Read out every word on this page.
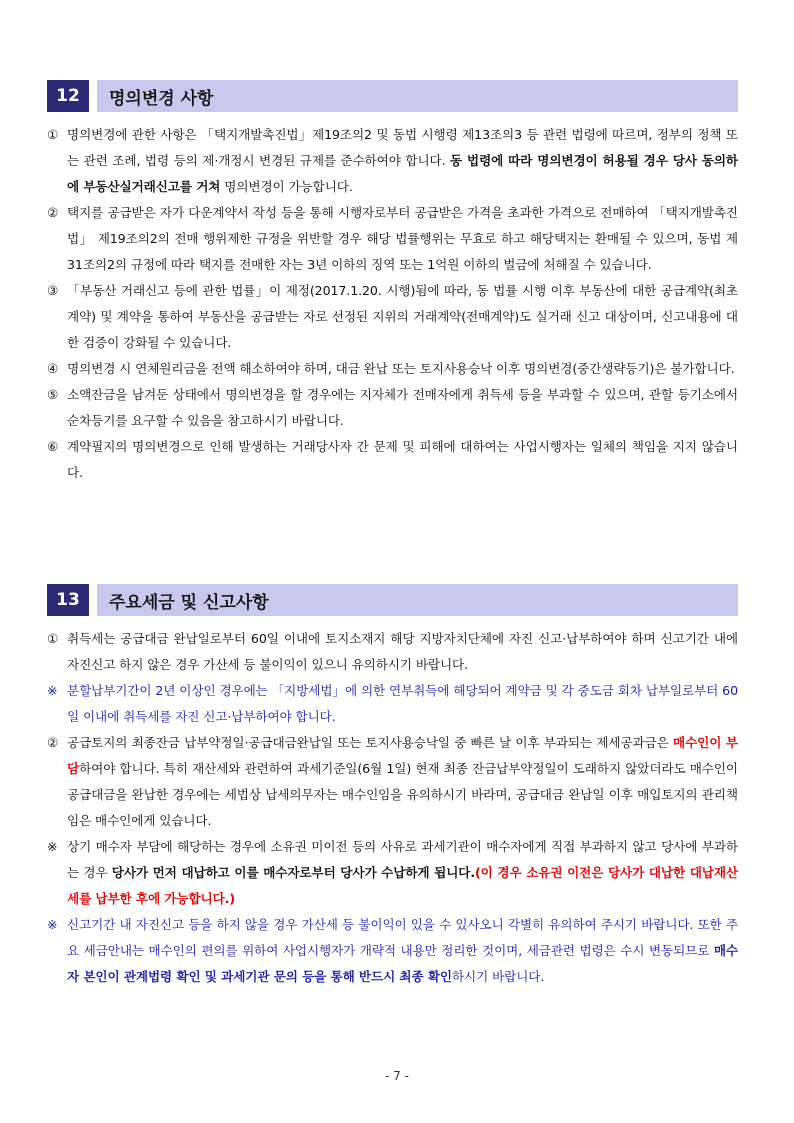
12	명의변경 사항
① 명의변경에 관한 사항은 「택지개발촉진법」제19조의2 및 동법 시행령 제13조의3 등 관련 법령에 따르며, 정부의 정책 또는 관련 조례, 법령 등의 제·개정시 변경된 규제를 준수하여야 합니다. 동 법령에 따라 명의변경이 허용될 경우 당사 동의하에 부동산실거래신고를 거쳐 명의변경이 가능합니다.
② 택지를 공급받은 자가 다운계약서 작성 등을 통해 시행자로부터 공급받은 가격을 초과한 가격으로 전매하여 「택지개발촉진법」 제19조의2의 전매 행위제한 규정을 위반할 경우 해당 법률행위는 무효로 하고 해당택지는 환매될 수 있으며, 동법 제31조의2의 규정에 따라 택지를 전매한 자는 3년 이하의 징역 또는 1억원 이하의 벌금에 처해질 수 있습니다.
③ 「부동산 거래신고 등에 관한 법률」이 제정(2017.1.20. 시행)됨에 따라, 동 법률 시행 이후 부동산에 대한 공급계약(최초계약) 및 계약을 통하여 부동산을 공급받는 자로 선정된 지위의 거래계약(전매계약)도 실거래 신고 대상이며, 신고내용에 대한 검증이 강화될 수 있습니다.
④ 명의변경 시 연체원리금을 전액 해소하여야 하며, 대금 완납 또는 토지사용승낙 이후 명의변경(중간생략등기)은 불가합니다.
⑤ 소액잔금을 남겨둔 상태에서 명의변경을 할 경우에는 지자체가 전매자에게 취득세 등을 부과할 수 있으며, 관할 등기소에서 순차등기를 요구할 수 있음을 참고하시기 바랍니다.
⑥ 계약필지의 명의변경으로 인해 발생하는 거래당사자 간 문제 및 피해에 대하여는 사업시행자는 일체의 책임을 지지 않습니다.
13	주요세금 및 신고사항
① 취득세는 공급대금 완납일로부터 60일 이내에 토지소재지 해당 지방자치단체에 자진 신고·납부하여야 하며 신고기간 내에 자진신고 하지 않은 경우 가산세 등 불이익이 있으니 유의하시기 바랍니다.
※ 분할납부기간이 2년 이상인 경우에는 「지방세법」에 의한 연부취득에 해당되어 계약금 및 각 중도금 회차 납부일로부터 60일 이내에 취득세를 자진 신고·납부하여야 합니다.
② 공급토지의 최종잔금 납부약정일·공급대금완납일 또는 토지사용승낙일 중 빠른 날 이후 부과되는 제세공과금은 매수인이 부담하여야 합니다. 특히 재산세와 관련하여 과세기준일(6월 1일) 현재 최종 잔금납부약정일이 도래하지 않았더라도 매수인이 공급대금을 완납한 경우에는 세법상 납세의무자는 매수인임을 유의하시기 바라며, 공급대금 완납일 이후 매입토지의 관리책임은 매수인에게 있습니다.
※ 상기 매수자 부담에 해당하는 경우에 소유권 미이전 등의 사유로 과세기관이 매수자에게 직접 부과하지 않고 당사에 부과하는 경우 당사가 먼저 대납하고 이를 매수자로부터 당사가 수납하게 됩니다.(이 경우 소유권 이전은 당사가 대납한 대납재산세를 납부한 후에 가능합니다.)
※ 신고기간 내 자진신고 등을 하지 않을 경우 가산세 등 불이익이 있을 수 있사오니 각별히 유의하여 주시기 바랍니다. 또한 주요 세금안내는 매수인의 편의를 위하여 사업시행자가 개략적 내용만 정리한 것이며, 세금관련 법령은 수시 변동되므로 매수자 본인이 관계법령 확인 및 과세기관 문의 등을 통해 반드시 최종 확인하시기 바랍니다.
- 7 -
